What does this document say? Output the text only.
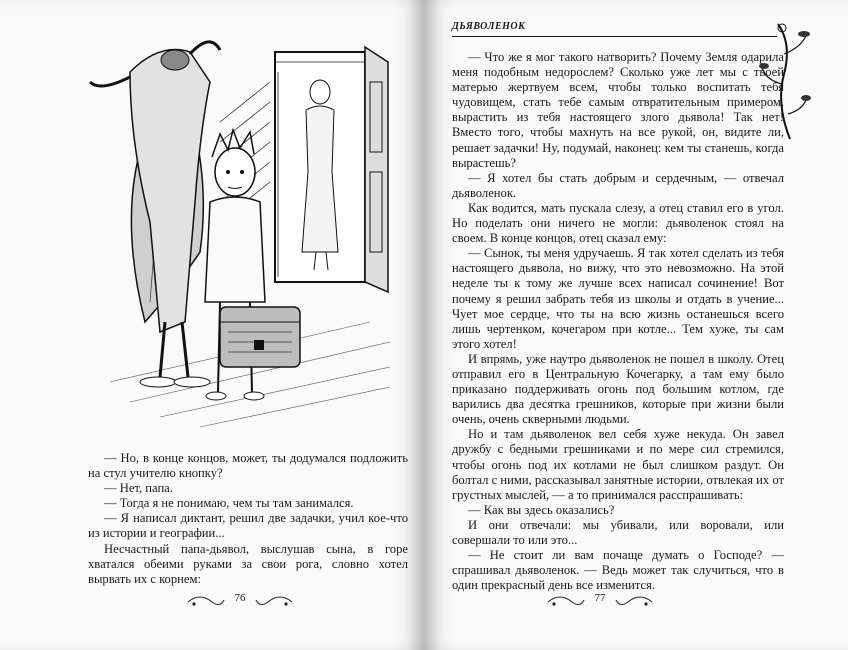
— Но, в конце концов, может, ты додумался подложить на стул учителю кнопку?

— Нет, папа.

— Тогда я не понимаю, чем ты там занимался.

— Я написал диктант, решил две задачки, учил кое-что из истории и географии...

Несчастный папа-дьявол, выслушав сына, в горе хватался обеими руками за свои рога, словно хотел вырвать их с корнем:

76
ДЬЯВОЛЕНОК

— Что же я мог такого натворить? Почему Земля одарила меня подобным недорослем? Сколько уже лет мы с твоей матерью жертвуем всем, чтобы только воспитать тебя чудовищем, стать тебе самым отвратительным примером, вырастить из тебя настоящего злого дьявола! Так нет! Вместо того, чтобы махнуть на все рукой, он, видите ли, решает задачки! Ну, подумай, наконец: кем ты станешь, когда вырастешь?

— Я хотел бы стать добрым и сердечным, — отвечал дьяволенок.

Как водится, мать пускала слезу, а отец ставил его в угол. Но поделать они ничего не могли: дьяволенок стоял на своем. В конце концов, отец сказал ему:

— Сынок, ты меня удручаешь. Я так хотел сделать из тебя настоящего дьявола, но вижу, что это невозможно. На этой неделе ты к тому же лучше всех написал сочинение! Вот почему я решил забрать тебя из школы и отдать в учение... Чует мое сердце, что ты на всю жизнь останешься всего лишь чертенком, кочегаром при котле... Тем хуже, ты сам этого хотел!

И впрямь, уже наутро дьяволенок не пошел в школу. Отец отправил его в Центральную Кочегарку, а там ему было приказано поддерживать огонь под большим котлом, где варились два десятка грешников, которые при жизни были очень, очень скверными людьми.

Но и там дьяволенок вел себя хуже некуда. Он завел дружбу с бедными грешниками и по мере сил стремился, чтобы огонь под их котлами не был слишком раздут. Он болтал с ними, рассказывал занятные истории, отвлекая их от грустных мыслей, — а то принимался расспрашивать:

— Как вы здесь оказались?

И они отвечали: мы убивали, или воровали, или совершали то или это...

— Не стоит ли вам почаще думать о Господе? — спрашивал дьяволенок. — Ведь может так случиться, что в один прекрасный день все изменится.

77
